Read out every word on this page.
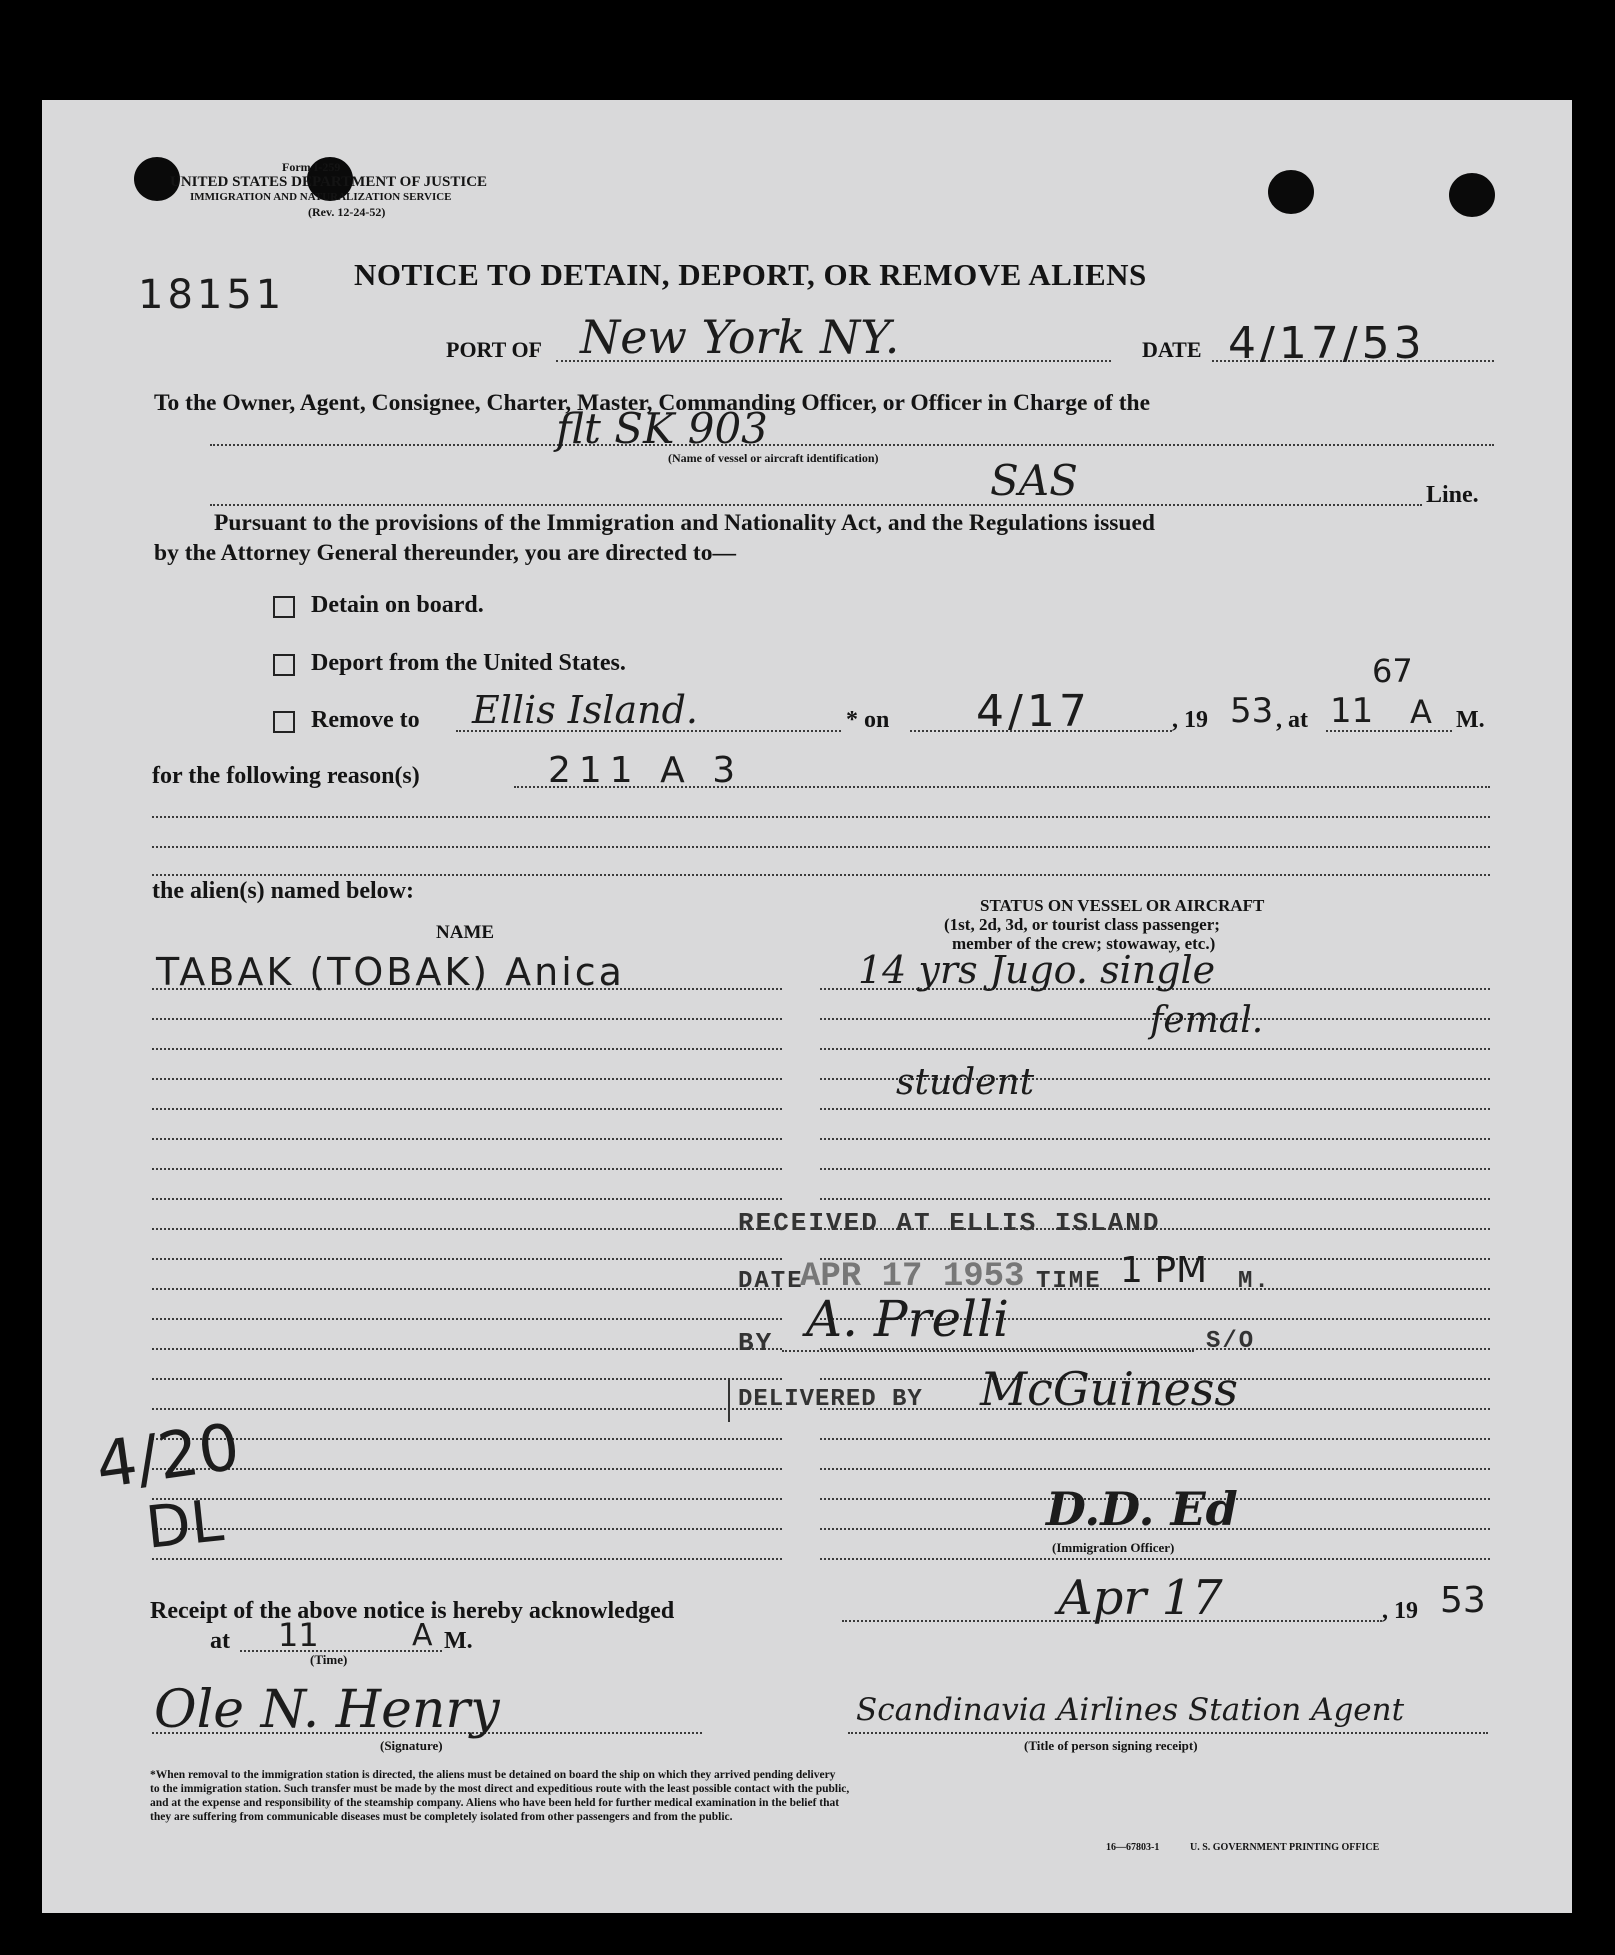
Form I-259
UNITED STATES DEPARTMENT OF JUSTICE
IMMIGRATION AND NATURALIZATION SERVICE
(Rev. 12-24-52)
18151 NOTICE TO DETAIN, DEPORT, OR REMOVE ALIENS
PORT OF New York NY.	DATE 4/17/53
To the Owner, Agent, Consignee, Charter, Master, Commanding Officer, or Officer in Charge of the
flt SK 903
(Name of vessel or aircraft identification)	SAS	Line.
Pursuant to the provisions of the Immigration and Nationality Act, and the Regulations issued
by the Attorney General thereunder, you are directed to—
Detain on board.
Deport from the United States.
Remove to Ellis Island.	* on 4/17	, 19 53
67
, at 11 A M.
for the following reason(s)	211 A 3
the alien(s) named below:
NAME
STATUS ON VESSEL OR AIRCRAFT
(1st, 2d, 3d, or tourist class passenger;
member of the crew; stowaway, etc.)
TABAK (TOBAK) Anica	14 yrs Jugo. single
femal.
student
RECEIVED AT ELLIS ISLAND
DATE
APR 17 1953 TIME 1 PM M.
BY A. Prelli	S/O
DELIVERED BY McGuiness
4/20
DL	D.D. Ed
(Immigration Officer)
Receipt of the above notice is hereby acknowledged	Apr 17	, 19 53
at 11	A M.
(Time)
Ole N. Henry
(Signature)
Scandinavia Airlines Station Agent
(Title of person signing receipt)
*When removal to the immigration station is directed, the aliens must be detained on board the ship on which they arrived pending delivery
to the immigration station. Such transfer must be made by the most direct and expeditious route with the least possible contact with the public,
and at the expense and responsibility of the steamship company. Aliens who have been held for further medical examination in the belief that
they are suffering from communicable diseases must be completely isolated from other passengers and from the public.
16—67803-1	U. S. GOVERNMENT PRINTING OFFICE
